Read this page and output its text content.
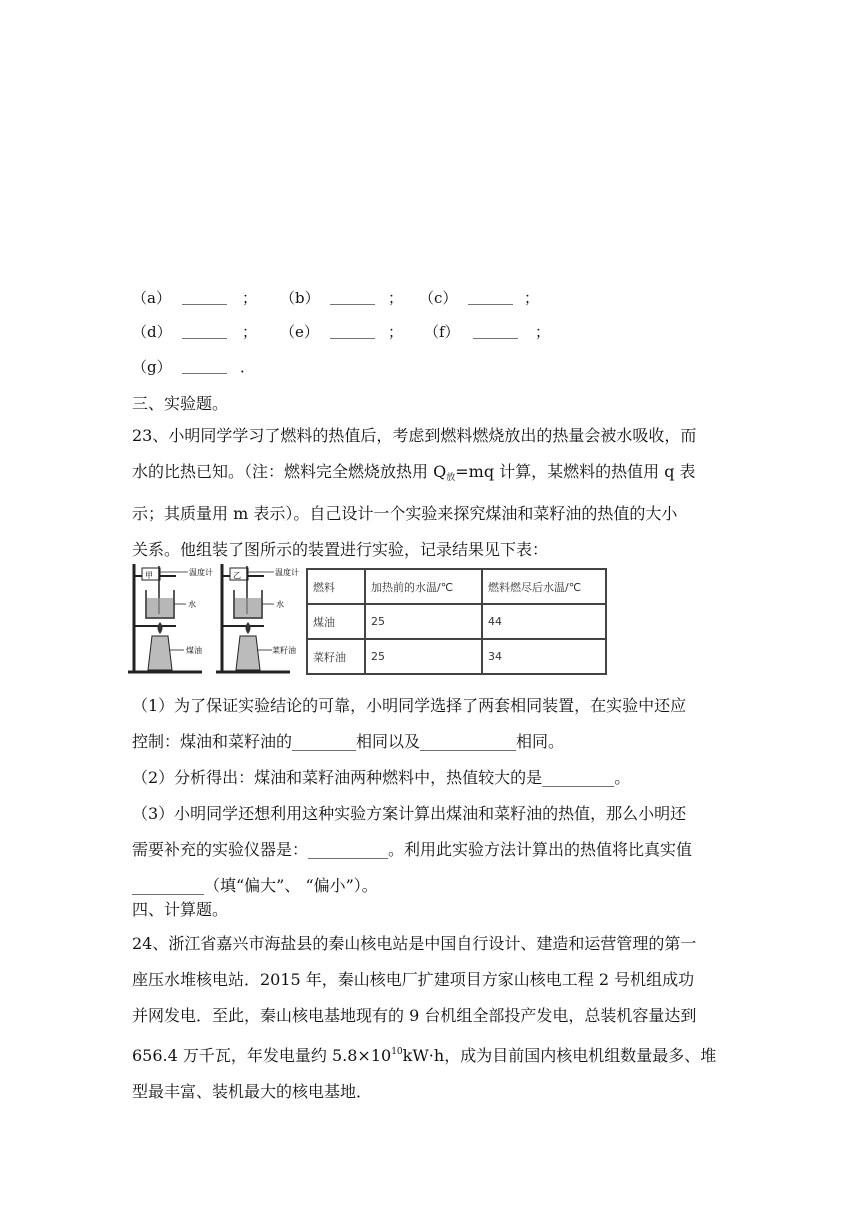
（a） ______ ； （b） ______ ； （c） ______ ；
（d） ______ ； （e） ______ ； （f） ______ ；
（g） ______ ．
三、实验题。
23、小明同学学习了燃料的热值后，考虑到燃料燃烧放出的热量会被水吸收，而
水的比热已知。（注：燃料完全燃烧放热用 $Q_放=mq$ 计算，某燃料的热值用 q 表
示；其质量用 m 表示）。自己设计一个实验来探究煤油和菜籽油的热值的大小
关系。他组装了图所示的装置进行实验，记录结果见下表：
甲	温度计
水
煤油
乙	温度计
水
菜籽油
燃料	加热前的水温/℃	燃料燃尽后水温/℃
煤油	25	44
菜籽油	25	34
（1）为了保证实验结论的可靠，小明同学选择了两套相同装置，在实验中还应
控制：煤油和菜籽油的________相同以及____________相同。
（2）分析得出：煤油和菜籽油两种燃料中，热值较大的是_________。
（3）小明同学还想利用这种实验方案计算出煤油和菜籽油的热值，那么小明还
需要补充的实验仪器是：__________。利用此实验方法计算出的热值将比真实值
_________（填“偏大”、 “偏小”）。
四、计算题。
24、浙江省嘉兴市海盐县的秦山核电站是中国自行设计、建造和运营管理的第一
座压水堆核电站．2015 年，秦山核电厂扩建项目方家山核电工程 2 号机组成功
并网发电．至此，秦山核电基地现有的 9 台机组全部投产发电，总装机容量达到
656.4 万千瓦，年发电量约 $5.8\times 10^{10}kW\cdot h$，成为目前国内核电机组数量最多、堆
型最丰富、装机最大的核电基地．
